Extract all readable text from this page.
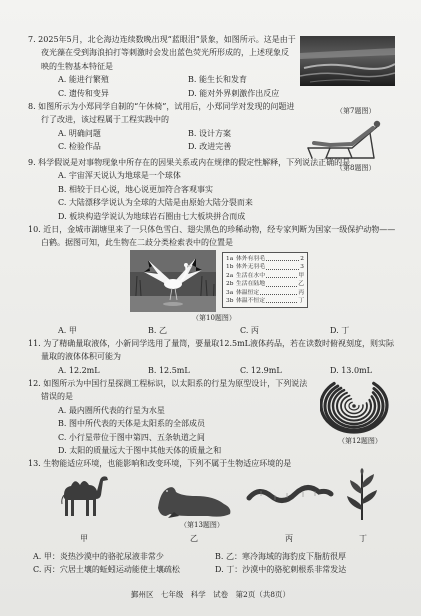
7. 2025年5月，北仑海边连续数晚出现“蓝眼泪”景象，如图所示。这是由于夜光藻在受到海浪拍打等刺激时会发出蓝色荧光所形成的，上述现象反映的生物基本特征是

A. 能进行繁殖	B. 能生长和发育
C. 遗传和变异	D. 能对外界刺激作出反应
（第7题图）

8. 如图所示为小郑同学自制的“午休椅”，试用后，小郑同学对发现的问题进行了改进，该过程属于工程实践中的

A. 明确问题	B. 设计方案
C. 检验作品	D. 改进完善
（第8题图）

9. 科学假说是对事物现象中所存在的因果关系或内在规律的假定性解释，下列说法正确的是

A. 宇宙浑天说认为地球是一个球体
B. 相较于日心说，地心说更加符合客观事实
C. 大陆漂移学说认为全球的大陆是由原始大陆分裂而来
D. 板块构造学说认为地球岩石圈由七大板块拼合而成

10. 近日，金城市湖塘里来了一只体色雪白、翅尖黑色的珍稀动物，经专家判断为国家一级保护动物——白鹤。据图可知，此生物在二歧分类检索表中的位置是

1a 体外有羽毛	2
1b 体外无羽毛	3
2a 生活在水中	甲
2b 生活在陆地	乙
3a 体温恒定	丙
3b 体温不恒定	丁
（第10题图）
A. 甲	B. 乙	C. 丙	D. 丁

11. 为了精确量取液体，小新同学选用了量筒，要量取12.5mL液体药品，若在读数时俯视刻度，则实际量取的液体体积可能为

A. 12.2mL	B. 12.5mL	C. 12.9mL	D. 13.0mL

12. 如图所示为中国行星探测工程标识，以太阳系的行星为原型设计，下列说法错误的是

A. 最内圈所代表的行星为水星
B. 图中所代表的天体是太阳系的全部成员
C. 小行星带位于图中第四、五条轨道之间
D. 太阳的质量远大于图中其他天体的质量之和
（第12题图）

13. 生物能适应环境，也能影响和改变环境，下列不属于生物适应环境的是

（第13题图）
甲	乙	丙	丁
A. 甲：炎热沙漠中的骆驼尿液非常少	B. 乙：寒冷海域的海豹皮下脂肪很厚
C. 丙：穴居土壤的蚯蚓运动能使土壤疏松	D. 丁：沙漠中的骆驼刺根系非常发达
鄞州区 七年级 科学 试卷 第2页（共8页）
